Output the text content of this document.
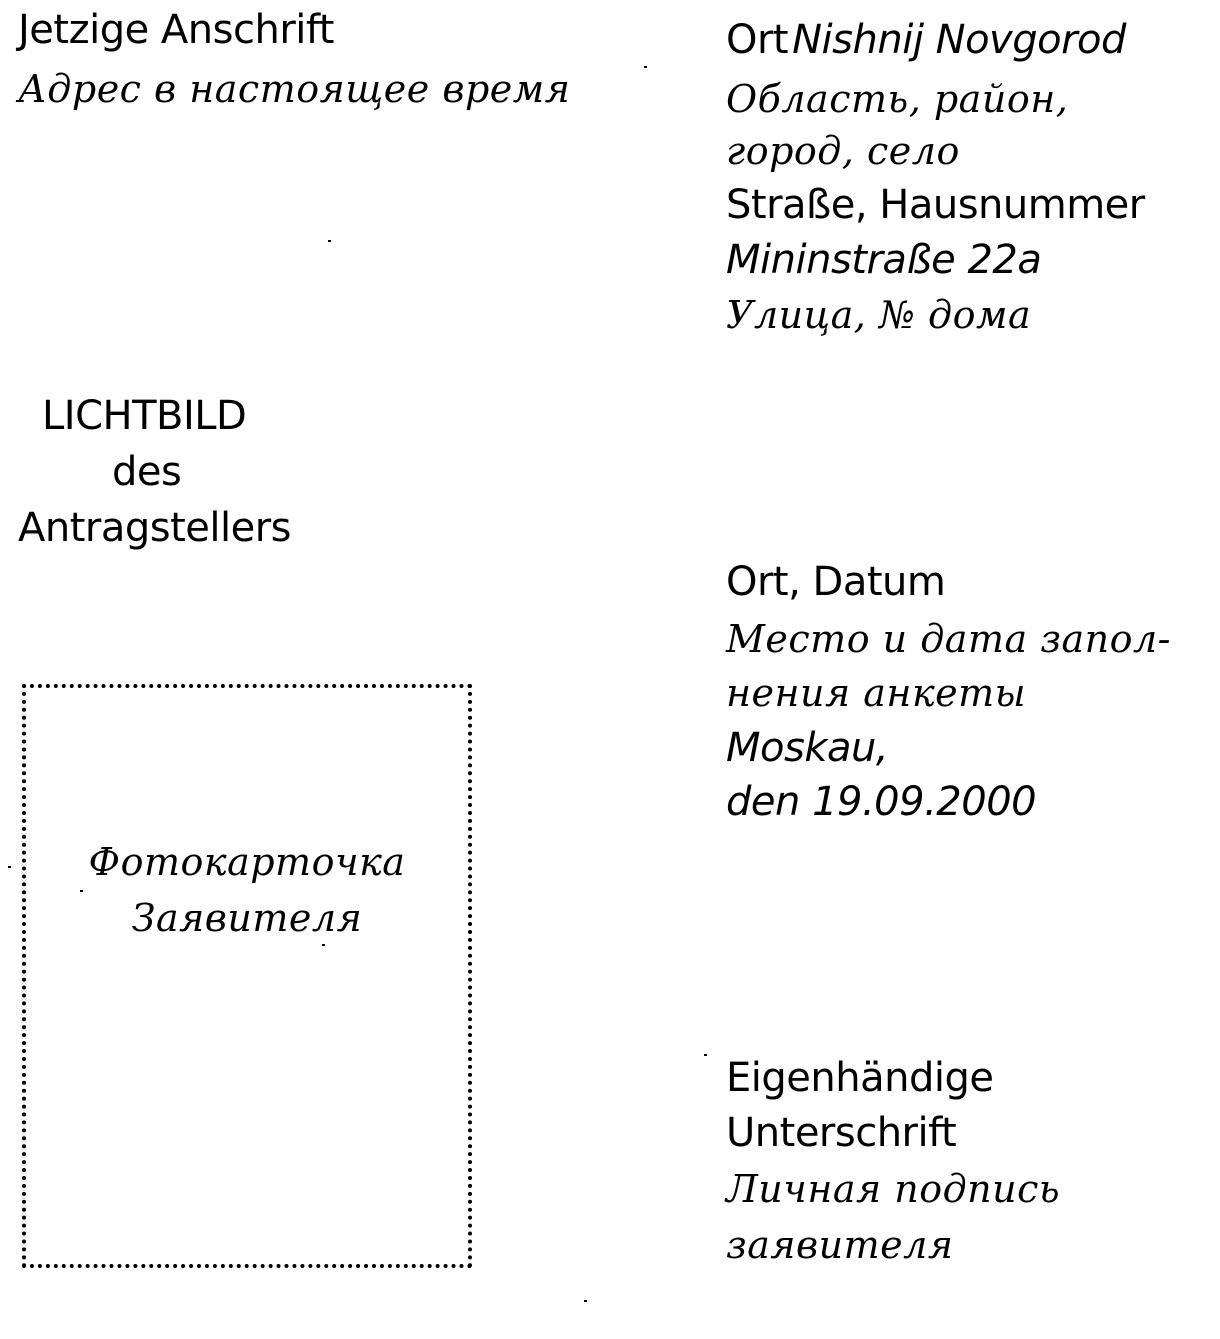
Jetzige Anschrift
Адрес в настоящее время
Ort Nishnij Novgorod
Область, район,
город, село
Straße, Hausnummer
Mininstraße 22a
Улица, № дома
LICHTBILD
des
Antragstellers
Фотокарточка
Заявителя
Ort, Datum
Место и дата запол-
нения анкеты
Moskau,
den 19.09.2000
Eigenhändige
Unterschrift
Личная подпись
заявителя
